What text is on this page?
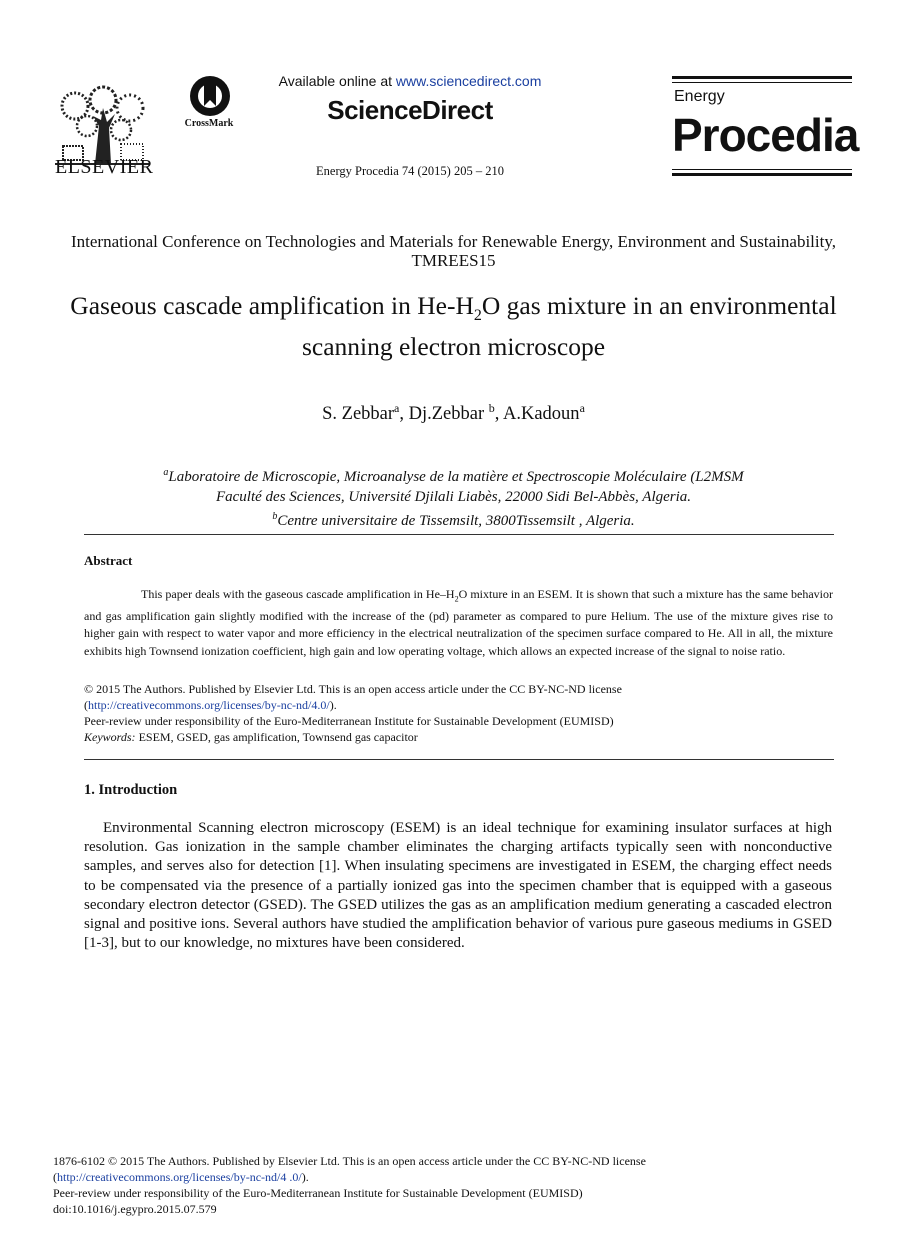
ELSEVIER
CrossMark
Available online at www.sciencedirect.com
ScienceDirect
Energy Procedia 74 (2015) 205 – 210
Energy
Procedia
International Conference on Technologies and Materials for Renewable Energy, Environment and Sustainability, TMREES15
Gaseous cascade amplification in $He-H_2O$ gas mixture in an environmental scanning electron microscope
S. Zebbar$^a$, Dj.Zebbar $^b$, A.Kadoun$^a$
$^a$Laboratoire de Microscopie, Microanalyse de la matière et Spectroscopie Moléculaire (L2MSM
Faculté des Sciences, Université Djilali Liabès, 22000 Sidi Bel-Abbès, Algeria.
$^b$Centre universitaire de Tissemsilt, 3800Tissemsilt , Algeria.
Abstract
This paper deals with the gaseous cascade amplification in $He-H_2O$ mixture in an ESEM. It is shown that such a mixture has the same behavior and gas amplification gain slightly modified with the increase of the (pd) parameter as compared to pure Helium. The use of the mixture gives rise to higher gain with respect to water vapor and more efficiency in the electrical neutralization of the specimen surface compared to He. All in all, the mixture exhibits high Townsend ionization coefficient, high gain and low operating voltage, which allows an expected increase of the signal to noise ratio.
© 2015 The Authors. Published by Elsevier Ltd. This is an open access article under the CC BY-NC-ND license
(http://creativecommons.org/licenses/by-nc-nd/4.0/).
Peer-review under responsibility of the Euro-Mediterranean Institute for Sustainable Development (EUMISD)
Keywords: ESEM, GSED, gas amplification, Townsend gas capacitor
1. Introduction
Environmental Scanning electron microscopy (ESEM) is an ideal technique for examining insulator surfaces at high resolution. Gas ionization in the sample chamber eliminates the charging artifacts typically seen with nonconductive samples, and serves also for detection [1]. When insulating specimens are investigated in ESEM, the charging effect needs to be compensated via the presence of a partially ionized gas into the specimen chamber that is equipped with a gaseous secondary electron detector (GSED). The GSED utilizes the gas as an amplification medium generating a cascaded electron signal and positive ions. Several authors have studied the amplification behavior of various pure gaseous mediums in GSED [1-3], but to our knowledge, no mixtures have been considered.
1876-6102 © 2015 The Authors. Published by Elsevier Ltd. This is an open access article under the CC BY-NC-ND license
(http://creativecommons.org/licenses/by-nc-nd/4 .0/).
Peer-review under responsibility of the Euro-Mediterranean Institute for Sustainable Development (EUMISD)
doi:10.1016/j.egypro.2015.07.579
